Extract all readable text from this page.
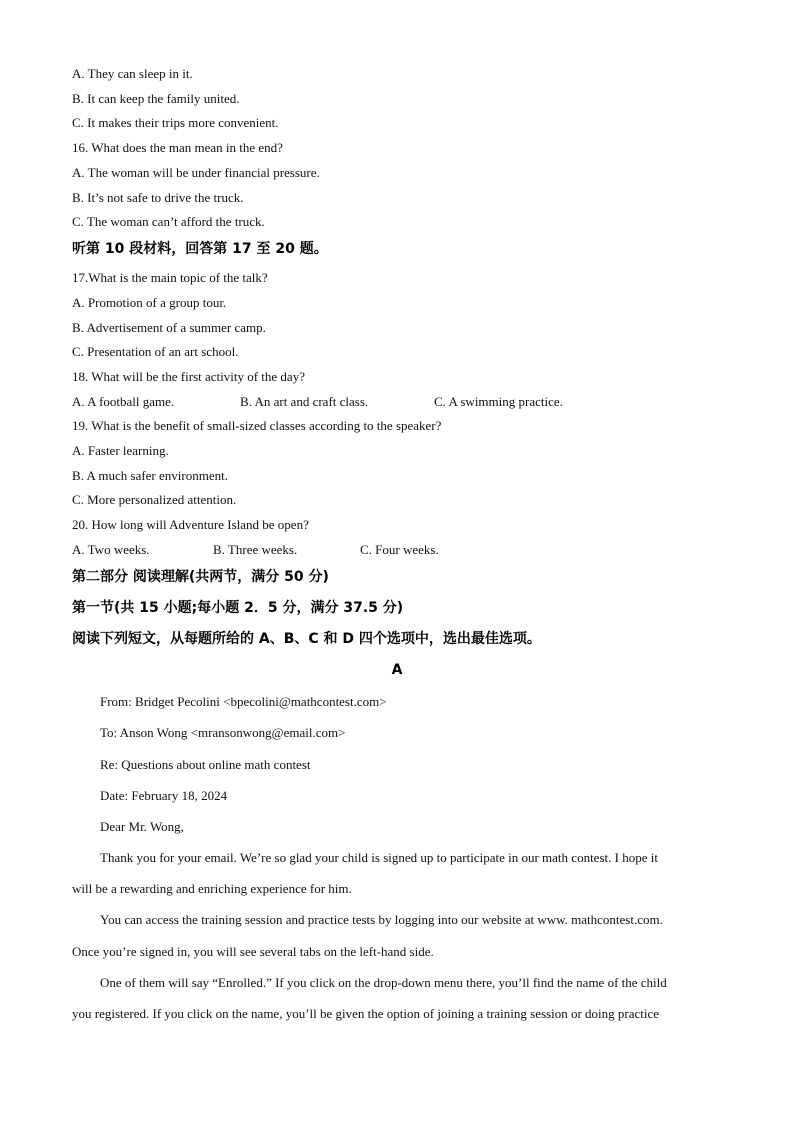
A. They can sleep in it.
B. It can keep the family united.
C. It makes their trips more convenient.
16. What does the man mean in the end?
A. The woman will be under financial pressure.
B. It’s not safe to drive the truck.
C. The woman can’t afford the truck.
听第 10 段材料，回答第 17 至 20 题。
17.What is the main topic of the talk?
A. Promotion of a group tour.
B. Advertisement of a summer camp.
C. Presentation of an art school.
18. What will be the first activity of the day?
A. A football game.	B. An art and craft class.	C. A swimming practice.
19. What is the benefit of small-sized classes according to the speaker?
A. Faster learning.
B. A much safer environment.
C. More personalized attention.
20. How long will Adventure Island be open?
A. Two weeks.	B. Three weeks.	C. Four weeks.
第二部分 阅读理解(共两节，满分 50 分)
第一节(共 15 小题;每小题 2．5 分，满分 37.5 分)
阅读下列短文，从每题所给的 A、B、C 和 D 四个选项中，选出最佳选项。
A
From: Bridget Pecolini <bpecolini@mathcontest.com>
To: Anson Wong <mransonwong@email.com>
Re: Questions about online math contest
Date: February 18, 2024
Dear Mr. Wong,
Thank you for your email. We’re so glad your child is signed up to participate in our math contest. I hope it
will be a rewarding and enriching experience for him.
You can access the training session and practice tests by logging into our website at www. mathcontest.com.
Once you’re signed in, you will see several tabs on the left-hand side.
One of them will say “Enrolled.” If you click on the drop-down menu there, you’ll find the name of the child
you registered. If you click on the name, you’ll be given the option of joining a training session or doing practice
